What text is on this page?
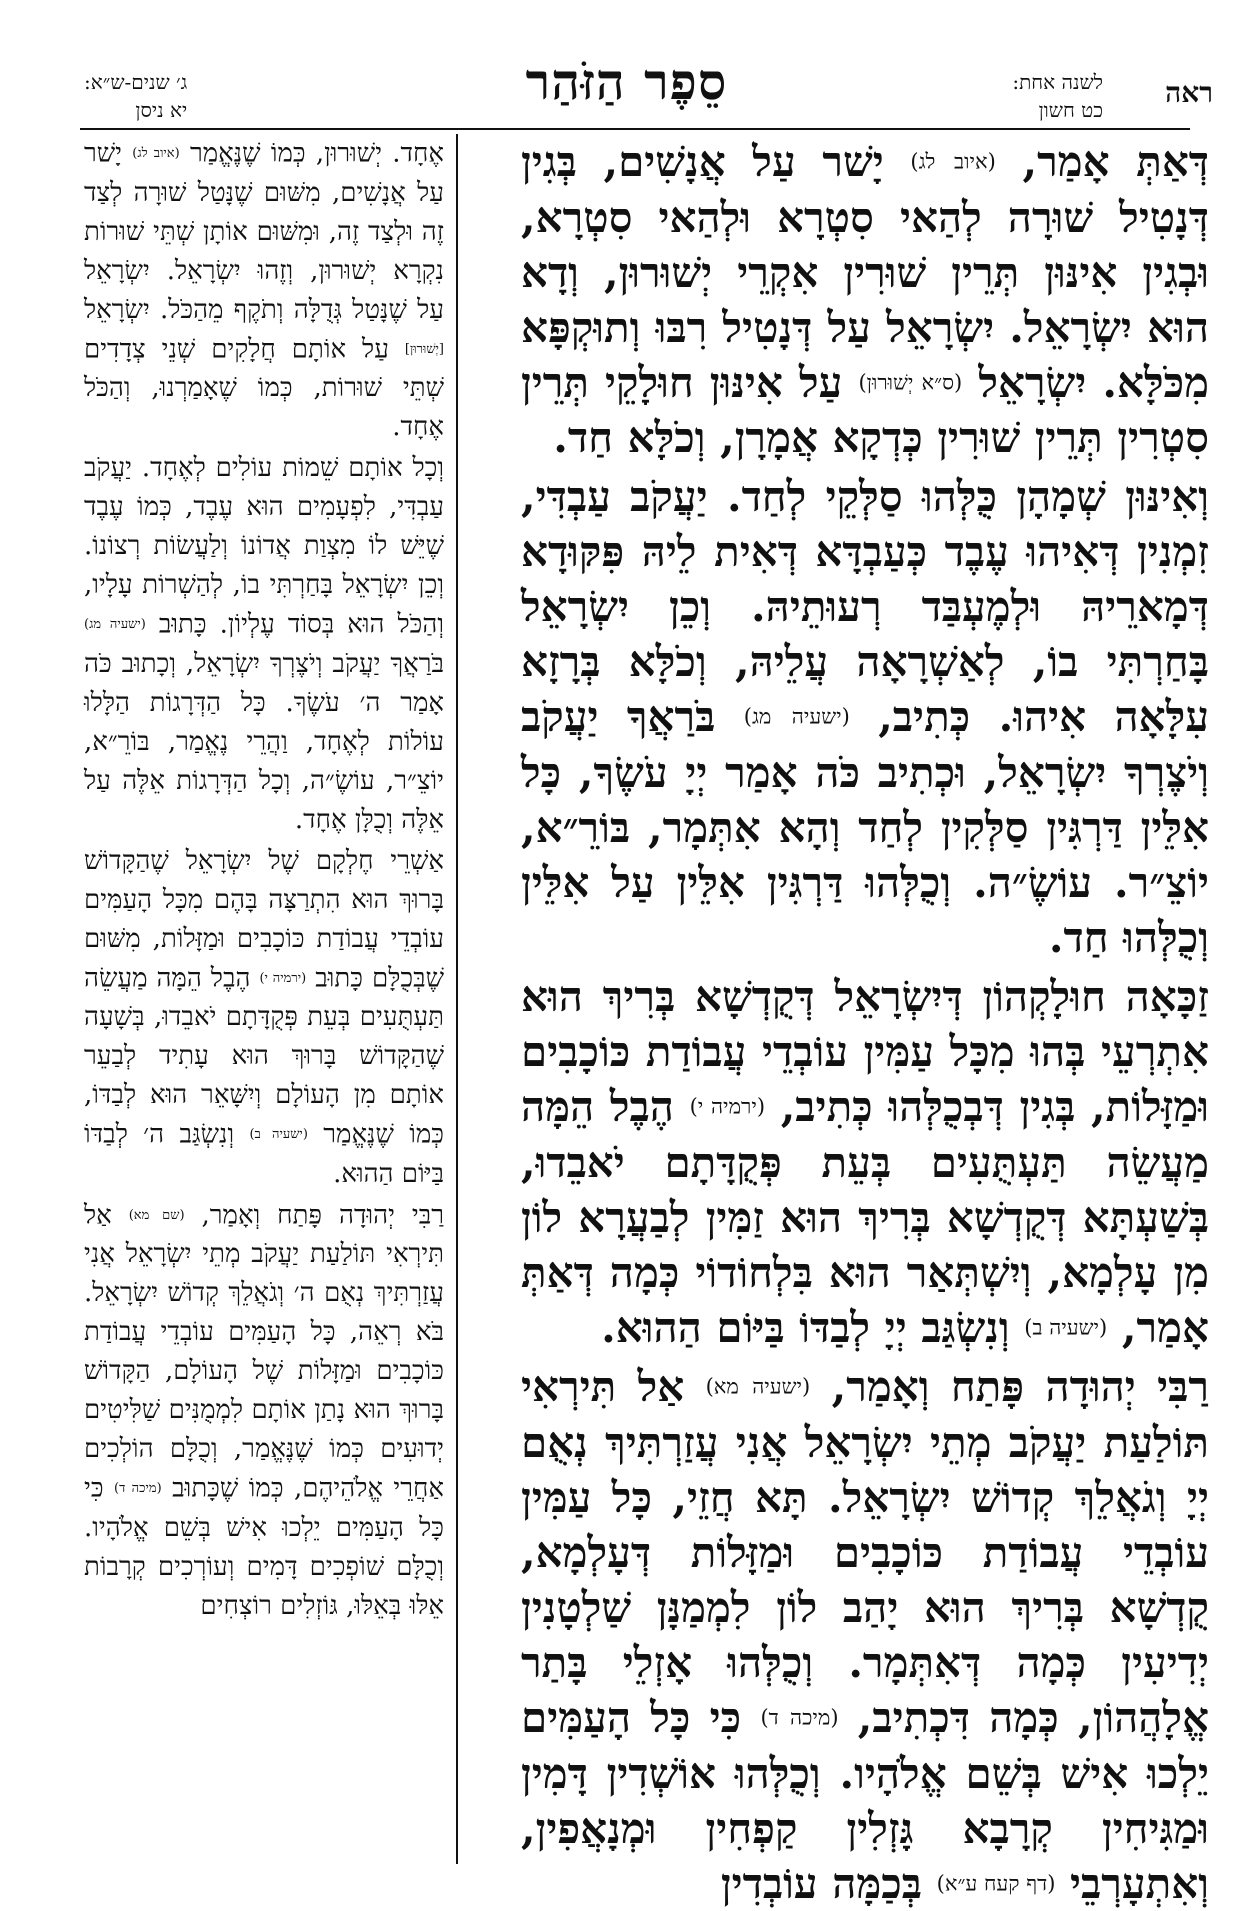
ראה
לשנה אחת:
כט חשון
סֵפֶר הַזֹּהַר
ג׳ שנים-ש״א:
יא ניסן

דְּאַתְּ אָמַר, (איוב לג) יָשׁר עַל אֲנָשִׁים, בְּגִין דְּנָטִיל שׁוּרָה לְהַאי סִטְרָא וּלְהַאי סִטְרָא, וּבְגִין אִינּוּן תְּרֵין שׁוּרִין אִקְרֵי יְשׁוּרוּן, וְדָא הוּא יִשְׂרָאֵל. יִשְׂרָאֵל עַל דְּנָטִיל רִבּוּ וְתוּקְפָּא מִכֹּלָּא. יִשְׂרָאֵל (ס״א יְשׁוּרוּן) עַל אִינּוּן חוּלָקֵי תְּרֵין סִטְרִין תְּרֵין שׁוּרִין כְּדְקָא אֲמָרָן, וְכֹלָּא חַד.

וְאִינּוּן שְׁמָהָן כֻּלְּהוּ סַלְּקֵי לְחַד. יַעֲקֹב עַבְדִּי, זִמְנִין דְּאִיהוּ עֶבֶד כְּעַבְדָּא דְּאִית לֵיהּ פִּקּוּדָא דְּמָארֵיהּ וּלְמֶעְבַּד רְעוּתֵיהּ. וְכֵן יִשְׂרָאֵל בָּחַרְתִּי בוֹ, לְאַשְׁרָאָה עֲלֵיהּ, וְכֹלָּא בְּרָזָא עִלָּאָה אִיהוּ. כְּתִיב, (ישעיה מג) בֹּרַאֲךָ יַעֲקֹב וְיֹצֶרְךָ יִשְׂרָאֵל, וּכְתִיב כֹּה אָמַר יְיָ עֹשֶׂךָ, כָּל אִלֵּין דַּרְגִּין סַלְּקִין לְחַד וְהָא אִתְּמָר, בּוֹרֵ״א, יוֹצֵ״ר. עוֹשֶׂ״ה. וְכֻלְּהוּ דַּרְגִּין אִלֵּין עַל אִלֵּין וְכֻלְּהוּ חַד.

זַכָּאָה חוּלָקְהוֹן דְּיִשְׂרָאֵל דְּקֻדְשָׁא בְּרִיךְ הוּא אִתְרְעֵי בְּהוּ מִכָּל עַמִּין עוֹבְדֵי עֲבוֹדַת כּוֹכָבִים וּמַזָּלוֹת, בְּגִין דְּבְכֻלְּהוּ כְּתִיב, (ירמיה י) הֶבֶל הֵמָּה מַעֲשֵׂה תַּעְתֻּעִים בְּעֵת פְּקֻדָּתָם יֹאבֵדוּ, בְּשַׁעְתָּא דְּקֻדְשָׁא בְּרִיךְ הוּא זַמִּין לְבַעֲרָא לוֹן מִן עָלְמָא, וְיִשְׁתְּאַר הוּא בִּלְחוֹדוֹי כְּמָה דְּאַתְּ אָמַר, (ישעיה ב) וְנִשְׂגַּב יְיָ לְבַדּוֹ בַּיּוֹם הַהוּא.

רַבִּי יְהוּדָה פָּתַח וְאָמַר, (ישעיה מא) אַל תִּירְאִי תּוֹלַעַת יַעֲקֹב מְתֵי יִשְׂרָאֵל אֲנִי עֲזַרְתִּיךְ נְאֻם יְיָ וְגֹאֲלֵךְ קְדוֹשׁ יִשְׂרָאֵל. תָּא חֲזֵי, כָּל עַמִּין עוֹבְדֵי עֲבוֹדַת כּוֹכָבִים וּמַזָּלוֹת דְּעָלְמָא, קֻדְשָׁא בְּרִיךְ הוּא יָהַב לוֹן לִמְמַנָּן שַׁלְטָנִין יְדִיעִין כְּמָה דְּאִתְּמָר. וְכֻלְּהוּ אָזְלֵי בָּתַר אֱלָהֲהוֹן, כְּמָה דִּכְתִיב, (מיכה ד) כִּי כָּל הָעַמִּים יֵלְכוּ אִישׁ בְּשֵׁם אֱלֹהָיו. וְכֻלְּהוּ אוֹשְׁדִין דָּמִין וּמַגִּיחִין קְרָבָא גָּזְלִין קַפְחִין וּמְנָאֲפִין, וְאִתְעָרְבֵי (דף קעח ע״א) בְּכַמָּה עוֹבְדִין

אֶחָד. יְשׁוּרוּן, כְּמוֹ שֶׁנֶּאֱמַר (איוב לג) יָשׁר עַל אֲנָשִׁים, מִשּׁוּם שֶׁנָּטַל שׁוּרָה לְצַד זֶה וּלְצַד זֶה, וּמִשּׁוּם אוֹתָן שְׁתֵּי שׁוּרוֹת נִקְרָא יְשׁוּרוּן, וְזֶהוּ יִשְׂרָאֵל. יִשְׂרָאֵל עַל שֶׁנָּטַל גְּדֻלָּה וְתֹקֶף מֵהַכֹּל. יִשְׂרָאֵל [יְשׁוּרוּן] עַל אוֹתָם חֲלָקִים שְׁנֵי צְדָדִים שְׁתֵּי שׁוּרוֹת, כְּמוֹ שֶׁאָמַרְנוּ, וְהַכֹּל אֶחָד.

וְכָל אוֹתָם שֵׁמוֹת עוֹלִים לְאֶחָד. יַעֲקֹב עַבְדִּי, לִפְעָמִים הוּא עֶבֶד, כְּמוֹ עֶבֶד שֶׁיֵּשׁ לוֹ מִצְוַת אֲדוֹנוֹ וְלַעֲשׂוֹת רְצוֹנוֹ. וְכֵן יִשְׂרָאֵל בָּחַרְתִּי בוֹ, לְהַשְׁרוֹת עָלָיו, וְהַכֹּל הוּא בְּסוֹד עֶלְיוֹן. כָּתוּב (ישעיה מג) בֹּרַאֲךָ יַעֲקֹב וְיֹצֶרְךָ יִשְׂרָאֵל, וְכָתוּב כֹּה אָמַר ה׳ עֹשֶׂךָ. כָּל הַדְּרָגוֹת הַלָּלוּ עוֹלוֹת לְאֶחָד, וַהֲרֵי נֶאֱמַר, בּוֹרֵ״א, יוֹצֵ״ר, עוֹשֶׂ״ה, וְכָל הַדְּרָגוֹת אֵלֶּה עַל אֵלֶּה וְכֻלָּן אֶחָד.

אַשְׁרֵי חֶלְקָם שֶׁל יִשְׂרָאֵל שֶׁהַקָּדוֹשׁ בָּרוּךְ הוּא הִתְרַצָּה בָּהֶם מִכָּל הָעַמִּים עוֹבְדֵי עֲבוֹדַת כּוֹכָבִים וּמַזָּלוֹת, מִשּׁוּם שֶׁבְּכֻלָּם כָּתוּב (ירמיה י) הֶבֶל הֵמָּה מַעֲשֵׂה תַּעְתֻּעִים בְּעֵת פְּקֻדָּתָם יֹאבֵדוּ, בְּשָׁעָה שֶׁהַקָּדוֹשׁ בָּרוּךְ הוּא עָתִיד לְבַעֵר אוֹתָם מִן הָעוֹלָם וְיִשָּׁאֵר הוּא לְבַדּוֹ, כְּמוֹ שֶׁנֶּאֱמַר (ישעיה ב) וְנִשְׂגַּב ה׳ לְבַדּוֹ בַּיּוֹם הַהוּא.

רַבִּי יְהוּדָה פָּתַח וְאָמַר, (שם מא) אַל תִּירְאִי תּוֹלַעַת יַעֲקֹב מְתֵי יִשְׂרָאֵל אֲנִי עֲזַרְתִּיךְ נְאֻם ה׳ וְגֹאֲלֵךְ קְדוֹשׁ יִשְׂרָאֵל. בֹּא רְאֵה, כָּל הָעַמִּים עוֹבְדֵי עֲבוֹדַת כּוֹכָבִים וּמַזָּלוֹת שֶׁל הָעוֹלָם, הַקָּדוֹשׁ בָּרוּךְ הוּא נָתַן אוֹתָם לִמְמֻנִּים שַׁלִּיטִים יְדוּעִים כְּמוֹ שֶׁנֶּאֱמַר, וְכֻלָּם הוֹלְכִים אַחֲרֵי אֱלֹהֵיהֶם, כְּמוֹ שֶׁכָּתוּב (מיכה ד) כִּי כָּל הָעַמִּים יֵלְכוּ אִישׁ בְּשֵׁם אֱלֹהָיו. וְכֻלָּם שׁוֹפְכִים דָּמִים וְעוֹרְכִים קְרָבוֹת אֵלּוּ בְּאֵלּוּ, גּוֹזְלִים רוֹצְחִים
